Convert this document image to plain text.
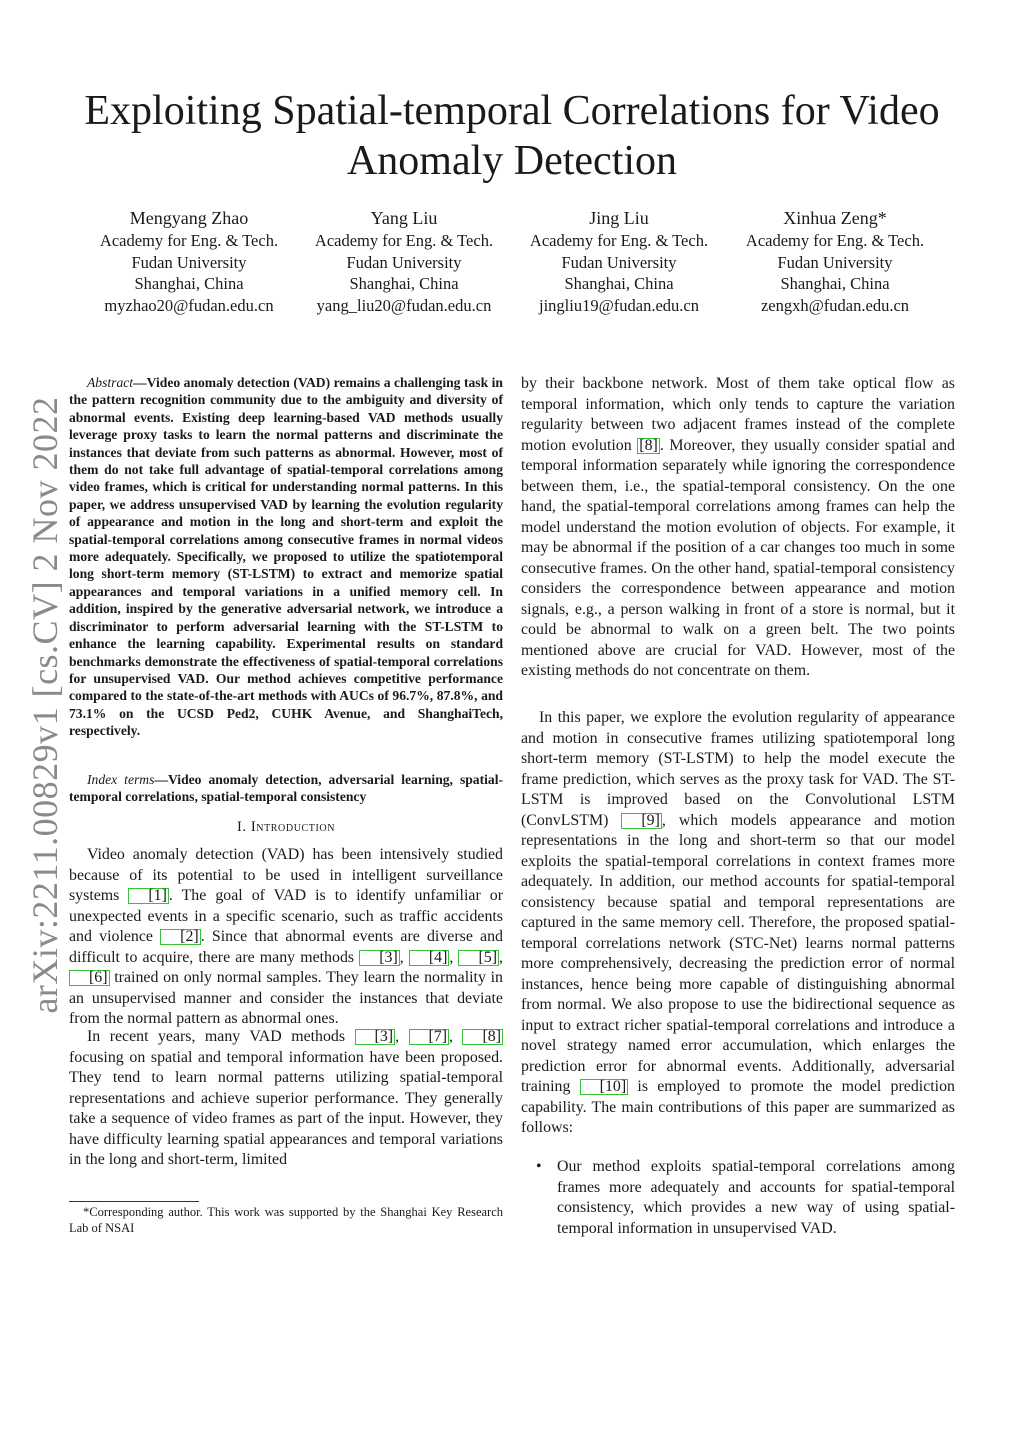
arXiv:2211.00829v1 [cs.CV] 2 Nov 2022
Exploiting Spatial-temporal Correlations for Video Anomaly Detection
Mengyang Zhao
Academy for Eng. & Tech.
Fudan University
Shanghai, China
myzhao20@fudan.edu.cn
Yang Liu
Academy for Eng. & Tech.
Fudan University
Shanghai, China
yang_liu20@fudan.edu.cn
Jing Liu
Academy for Eng. & Tech.
Fudan University
Shanghai, China
jingliu19@fudan.edu.cn
Xinhua Zeng*
Academy for Eng. & Tech.
Fudan University
Shanghai, China
zengxh@fudan.edu.cn
Abstract—Video anomaly detection (VAD) remains a challenging task in the pattern recognition community due to the ambiguity and diversity of abnormal events. Existing deep learning-based VAD methods usually leverage proxy tasks to learn the normal patterns and discriminate the instances that deviate from such patterns as abnormal. However, most of them do not take full advantage of spatial-temporal correlations among video frames, which is critical for understanding normal patterns. In this paper, we address unsupervised VAD by learning the evolution regularity of appearance and motion in the long and short-term and exploit the spatial-temporal correlations among consecutive frames in normal videos more adequately. Specifically, we proposed to utilize the spatiotemporal long short-term memory (ST-LSTM) to extract and memorize spatial appearances and temporal variations in a unified memory cell. In addition, inspired by the generative adversarial network, we introduce a discriminator to perform adversarial learning with the ST-LSTM to enhance the learning capability. Experimental results on standard benchmarks demonstrate the effectiveness of spatial-temporal correlations for unsupervised VAD. Our method achieves competitive performance compared to the state-of-the-art methods with AUCs of 96.7%, 87.8%, and 73.1% on the UCSD Ped2, CUHK Avenue, and ShanghaiTech, respectively.
Index terms—Video anomaly detection, adversarial learning, spatial-temporal correlations, spatial-temporal consistency
I. Introduction

Video anomaly detection (VAD) has been intensively studied because of its potential to be used in intelligent surveillance systems [1] . The goal of VAD is to identify unfamiliar or unexpected events in a specific scenario, such as traffic accidents and violence [2] . Since that abnormal events are diverse and difficult to acquire, there are many methods [3] , [4] , [5] , [6] trained on only normal samples. They learn the normality in an unsupervised manner and consider the instances that deviate from the normal pattern as abnormal ones.

In recent years, many VAD methods [3] , [7] , [8] focusing on spatial and temporal information have been proposed. They tend to learn normal patterns utilizing spatial-temporal representations and achieve superior performance. They generally take a sequence of video frames as part of the input. However, they have difficulty learning spatial appearances and temporal variations in the long and short-term, limited

by their backbone network. Most of them take optical flow as temporal information, which only tends to capture the variation regularity between two adjacent frames instead of the complete motion evolution [8] . Moreover, they usually consider spatial and temporal information separately while ignoring the correspondence between them, i.e., the spatial-temporal consistency. On the one hand, the spatial-temporal correlations among frames can help the model understand the motion evolution of objects. For example, it may be abnormal if the position of a car changes too much in some consecutive frames. On the other hand, spatial-temporal consistency considers the correspondence between appearance and motion signals, e.g., a person walking in front of a store is normal, but it could be abnormal to walk on a green belt. The two points mentioned above are crucial for VAD. However, most of the existing methods do not concentrate on them.

In this paper, we explore the evolution regularity of appearance and motion in consecutive frames utilizing spatiotemporal long short-term memory (ST-LSTM) to help the model execute the frame prediction, which serves as the proxy task for VAD. The ST-LSTM is improved based on the Convolutional LSTM (ConvLSTM) [9] , which models appearance and motion representations in the long and short-term so that our model exploits the spatial-temporal correlations in context frames more adequately. In addition, our method accounts for spatial-temporal consistency because spatial and temporal representations are captured in the same memory cell. Therefore, the proposed spatial-temporal correlations network (STC-Net) learns normal patterns more comprehensively, decreasing the prediction error of normal instances, hence being more capable of distinguishing abnormal from normal. We also propose to use the bidirectional sequence as input to extract richer spatial-temporal correlations and introduce a novel strategy named error accumulation, which enlarges the prediction error for abnormal events. Additionally, adversarial training [10] is employed to promote the model prediction capability. The main contributions of this paper are summarized as follows:

• Our method exploits spatial-temporal correlations among frames more adequately and accounts for spatial-temporal consistency, which provides a new way of using spatial-temporal information in unsupervised VAD.
*Corresponding author. This work was supported by the Shanghai Key Research Lab of NSAI
